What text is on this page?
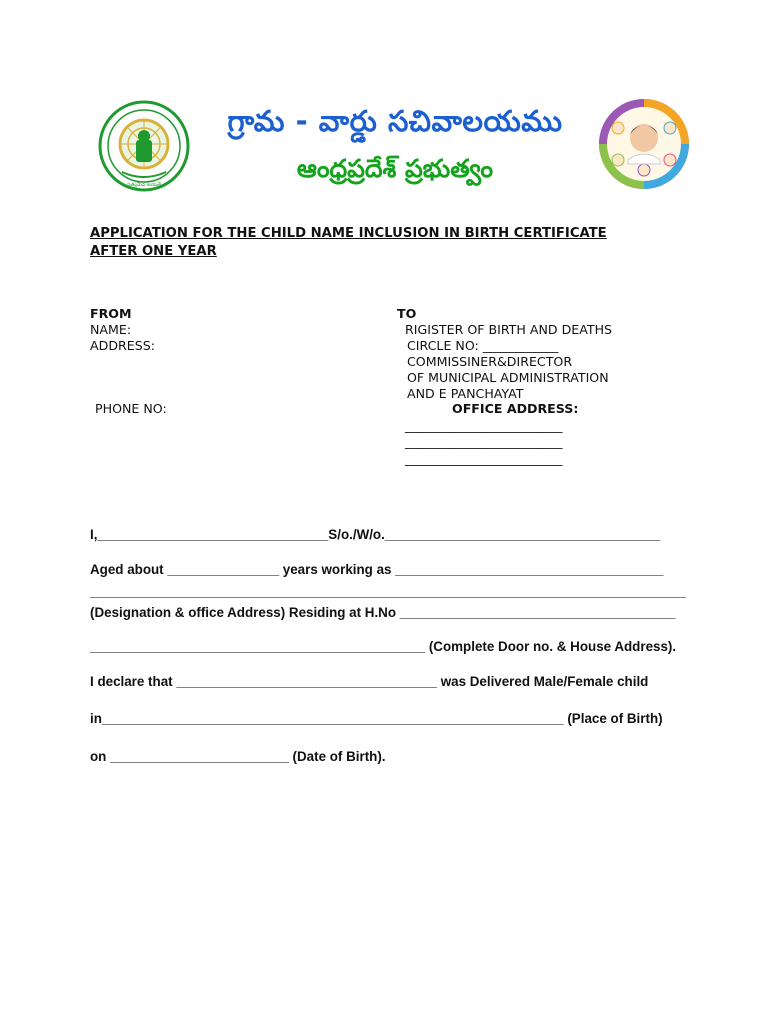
సత్యమేవ జయతే
గ్రామ - వార్డు సచివాలయము
ఆంధ్రప్రదేశ్ ప్రభుత్వం
APPLICATION FOR THE CHILD NAME INCLUSION IN BIRTH CERTIFICATE
AFTER ONE YEAR
FROM
NAME:
ADDRESS:
PHONE NO:
TO
RIGISTER OF BIRTH AND DEATHS
CIRCLE NO: ____________
COMMISSINER&DIRECTOR
OF MUNICIPAL ADMINISTRATION
AND E PANCHAYAT
OFFICE ADDRESS:
_________________________
_________________________
_________________________
I,_______________________________S/o./W/o._____________________________________
Aged about _______________ years working as ____________________________________
________________________________________________________________________________
(Designation & office Address) Residing at H.No _____________________________________
_____________________________________________ (Complete Door no. & House Address).
I declare that ___________________________________ was Delivered Male/Female child
in______________________________________________________________ (Place of Birth)
on ________________________ (Date of Birth).
